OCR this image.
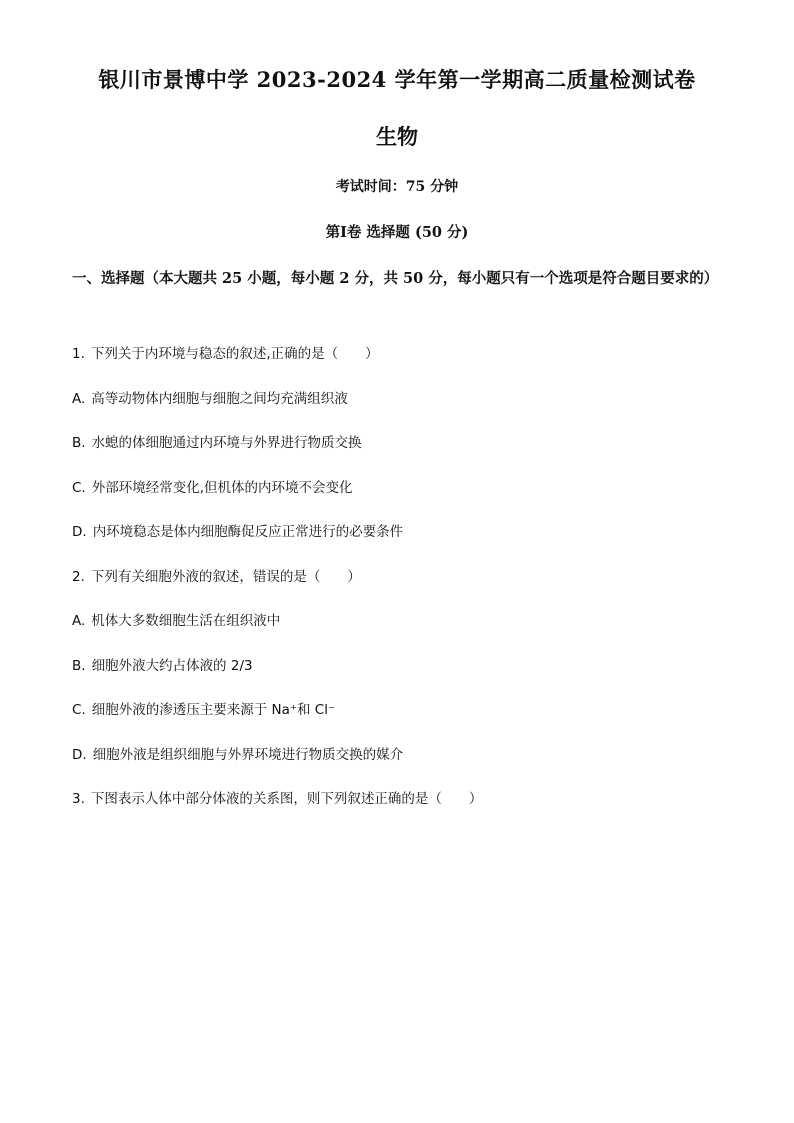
银川市景博中学 2023-2024 学年第一学期高二质量检测试卷
生物
考试时间：75 分钟
第Ⅰ卷 选择题 (50 分)
一、选择题（本大题共 25 小题，每小题 2 分，共 50 分，每小题只有一个选项是符合题目要求的）
1. 下列关于内环境与稳态的叙述,正确的是（　　）
A. 高等动物体内细胞与细胞之间均充满组织液
B. 水螅的体细胞通过内环境与外界进行物质交换
C. 外部环境经常变化,但机体的内环境不会变化
D. 内环境稳态是体内细胞酶促反应正常进行的必要条件
2. 下列有关细胞外液的叙述，错误的是（　　）
A. 机体大多数细胞生活在组织液中
B. 细胞外液大约占体液的 2/3
C. 细胞外液的渗透压主要来源于 Na⁺和 Cl⁻
D. 细胞外液是组织细胞与外界环境进行物质交换的媒介
3. 下图表示人体中部分体液的关系图，则下列叙述正确的是（　　）
